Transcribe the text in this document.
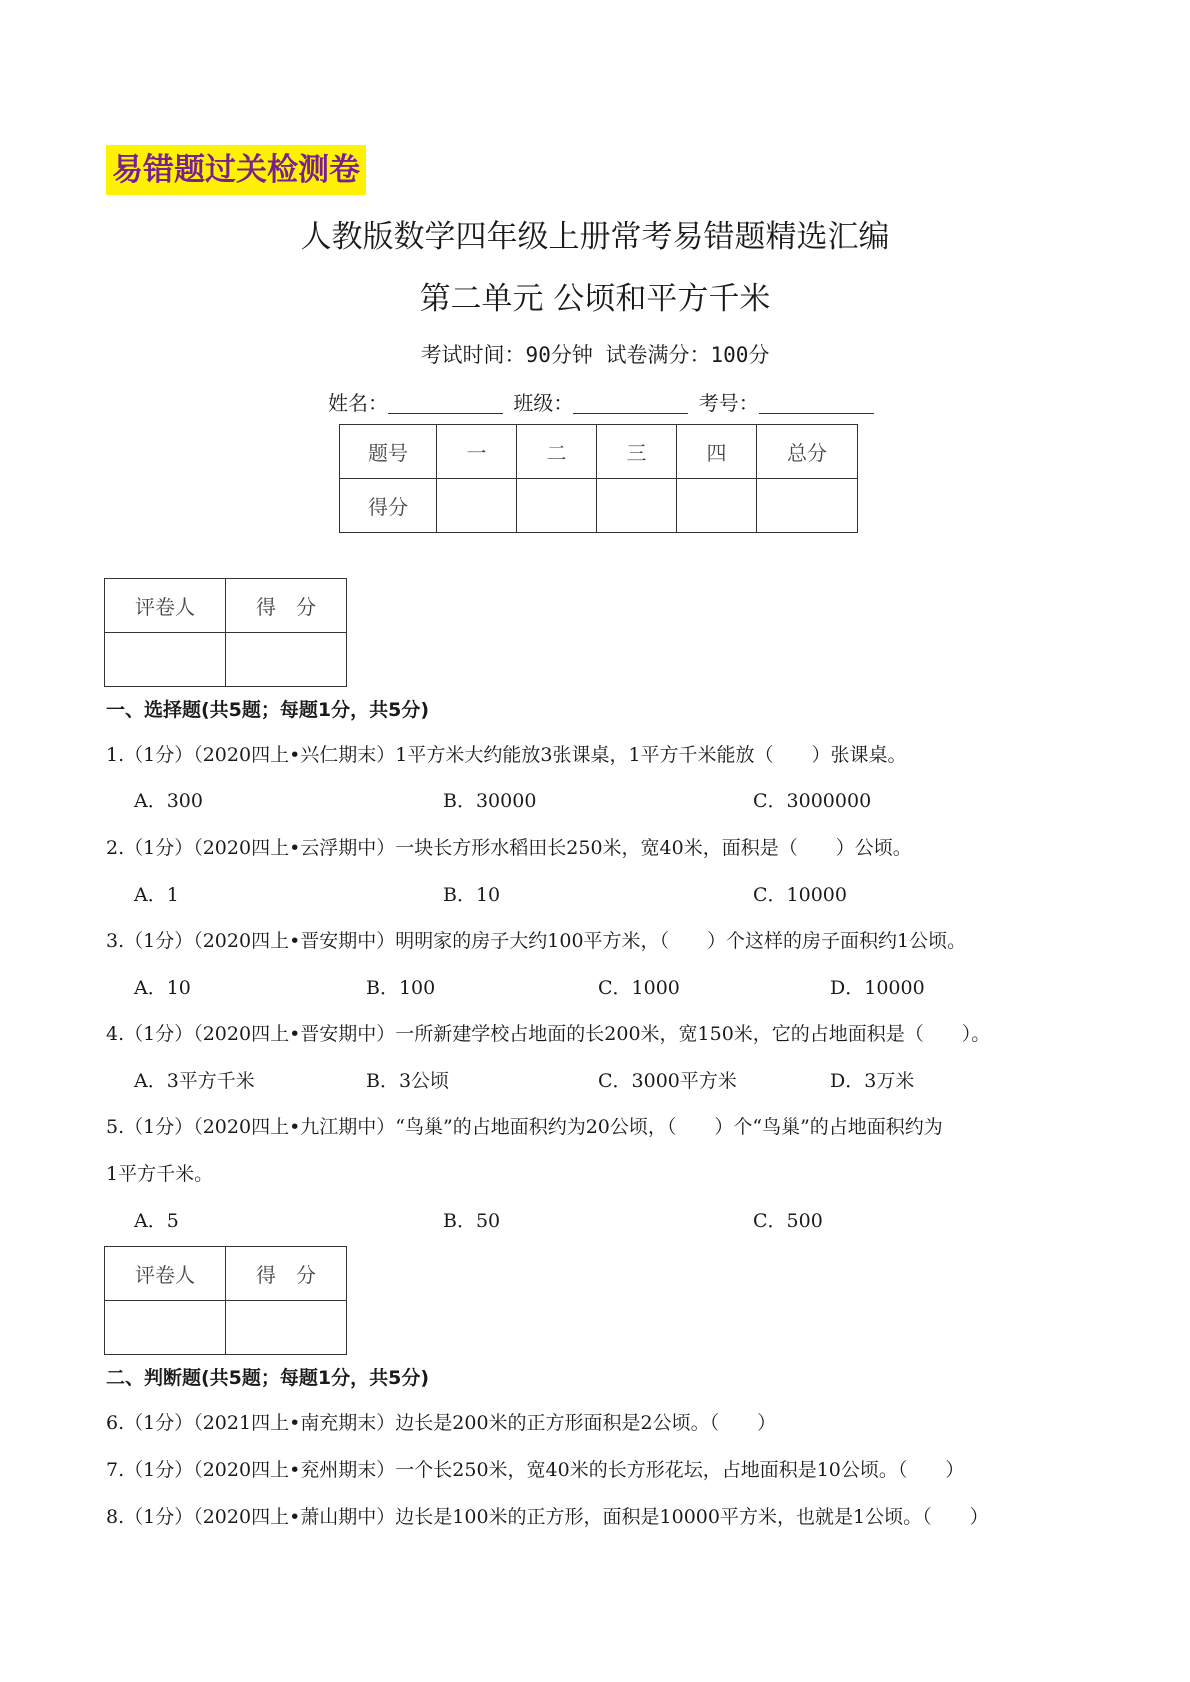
易错题过关检测卷
人教版数学四年级上册常考易错题精选汇编
第二单元 公顷和平方千米
考试时间：90分钟 试卷满分：100分
姓名：	班级：	考号：
题号	一	二	三	四	总分
得分					
评卷人	得　分

一、选择题(共5题；每题1分，共5分)
1.（1分）（2020四上•兴仁期末）1平方米大约能放3张课桌，1平方千米能放（　　）张课桌。
A．300	B．30000	C．3000000
2.（1分）（2020四上•云浮期中）一块长方形水稻田长250米，宽40米，面积是（　　）公顷。
A．1	B．10	C．10000
3.（1分）（2020四上•晋安期中）明明家的房子大约100平方米，（　　）个这样的房子面积约1公顷。
A．10	B．100	C．1000	D．10000
4.（1分）（2020四上•晋安期中）一所新建学校占地面的长200米，宽150米，它的占地面积是（　　）。
A．3平方千米	B．3公顷	C．3000平方米	D．3万米
5.（1分）（2020四上•九江期中）“鸟巢”的占地面积约为20公顷，（　　）个“鸟巢”的占地面积约为
1平方千米。
A．5	B．50	C．500
评卷人	得　分

二、判断题(共5题；每题1分，共5分)
6.（1分）（2021四上•南充期末）边长是200米的正方形面积是2公顷。（　　）
7.（1分）（2020四上•兖州期末）一个长250米，宽40米的长方形花坛，占地面积是10公顷。（　　）
8.（1分）（2020四上•萧山期中）边长是100米的正方形，面积是10000平方米，也就是1公顷。（　　）
